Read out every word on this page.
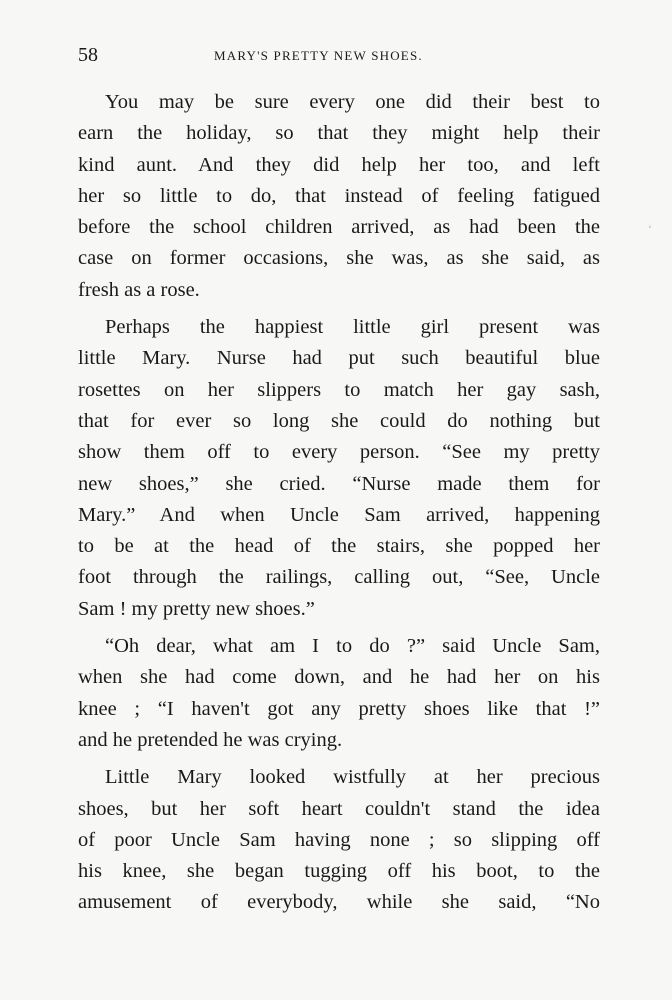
58	MARY'S PRETTY NEW SHOES.
You may be sure every one did their best to
earn the holiday, so that they might help their
kind aunt. And they did help her too, and left
her so little to do, that instead of feeling fatigued
before the school children arrived, as had been the
case on former occasions, she was, as she said, as
fresh as a rose.
Perhaps the happiest little girl present was
little Mary. Nurse had put such beautiful blue
rosettes on her slippers to match her gay sash,
that for ever so long she could do nothing but
show them off to every person. “See my pretty
new shoes,” she cried. “Nurse made them for
Mary.” And when Uncle Sam arrived, happening
to be at the head of the stairs, she popped her
foot through the railings, calling out, “See, Uncle
Sam ! my pretty new shoes.”
“Oh dear, what am I to do ?” said Uncle Sam,
when she had come down, and he had her on his
knee ; “I haven't got any pretty shoes like that !”
and he pretended he was crying.
Little Mary looked wistfully at her precious
shoes, but her soft heart couldn't stand the idea
of poor Uncle Sam having none ; so slipping off
his knee, she began tugging off his boot, to the
amusement of everybody, while she said, “No
‘
